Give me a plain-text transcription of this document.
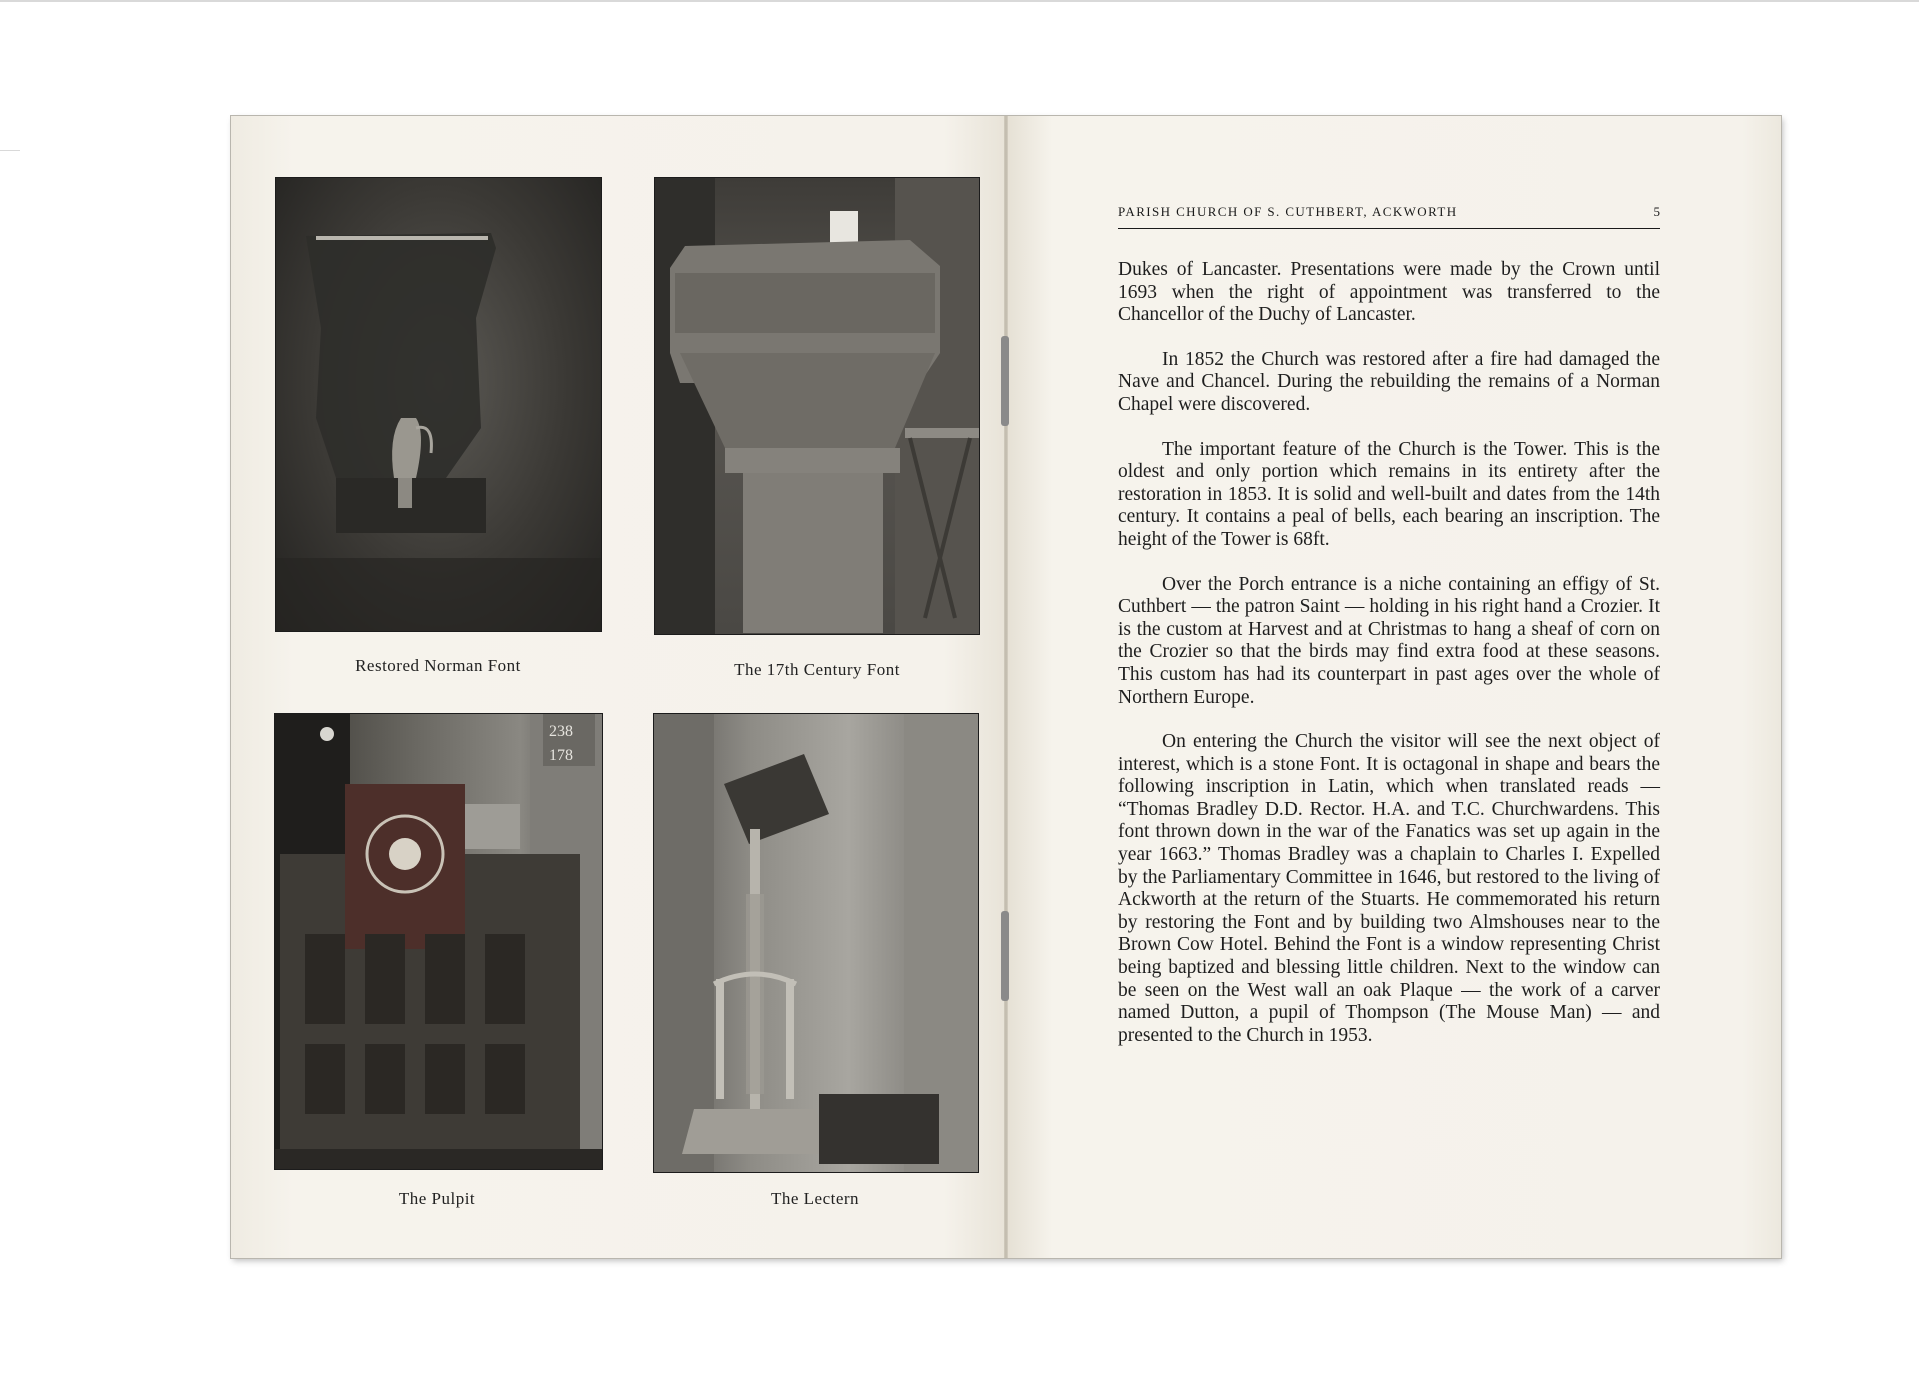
Restored Norman Font	The 17th Century Font
238
178
The Pulpit	The Lectern
PARISH CHURCH OF S. CUTHBERT, ACKWORTH	5

Dukes of Lancaster. Presentations were made by the Crown until 1693 when the right of appointment was transferred to the Chancellor of the Duchy of Lancaster.

In 1852 the Church was restored after a fire had damaged the Nave and Chancel. During the rebuilding the remains of a Norman Chapel were discovered.

The important feature of the Church is the Tower. This is the oldest and only portion which remains in its entirety after the restoration in 1853. It is solid and well-built and dates from the 14th century. It contains a peal of bells, each bearing an inscription. The height of the Tower is 68ft.

Over the Porch entrance is a niche containing an effigy of St. Cuthbert — the patron Saint — holding in his right hand a Crozier. It is the custom at Harvest and at Christmas to hang a sheaf of corn on the Crozier so that the birds may find extra food at these seasons. This custom has had its counterpart in past ages over the whole of Northern Europe.

On entering the Church the visitor will see the next object of interest, which is a stone Font. It is octagonal in shape and bears the following inscription in Latin, which when translated reads — “Thomas Bradley D.D. Rector. H.A. and T.C. Churchwardens. This font thrown down in the war of the Fanatics was set up again in the year 1663.” Thomas Bradley was a chaplain to Charles I. Expelled by the Parliamentary Committee in 1646, but restored to the living of Ackworth at the return of the Stuarts. He commemorated his return by restoring the Font and by building two Almshouses near to the Brown Cow Hotel. Behind the Font is a window representing Christ being baptized and blessing little children. Next to the window can be seen on the West wall an oak Plaque — the work of a carver named Dutton, a pupil of Thompson (The Mouse Man) — and presented to the Church in 1953.
